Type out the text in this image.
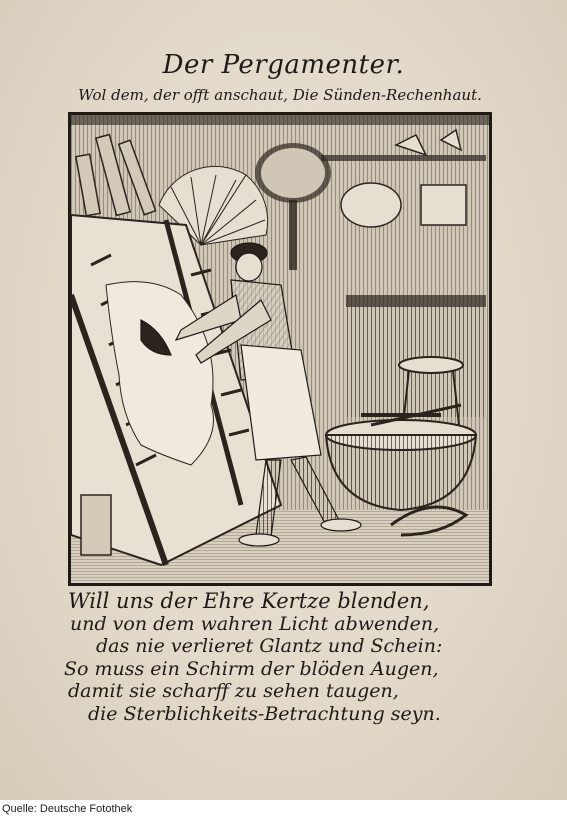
Der Pergamenter.
Wol dem, der offt anschaut, Die Sünden-Rechenhaut.
Will uns der Ehre Kertze blenden,
und von dem wahren Licht abwenden,
das nie verlieret Glantz und Schein:
So muss ein Schirm der blöden Augen,
damit sie scharff zu sehen taugen,
die Sterblichkeits-Betrachtung seyn.
Quelle: Deutsche Fotothek
